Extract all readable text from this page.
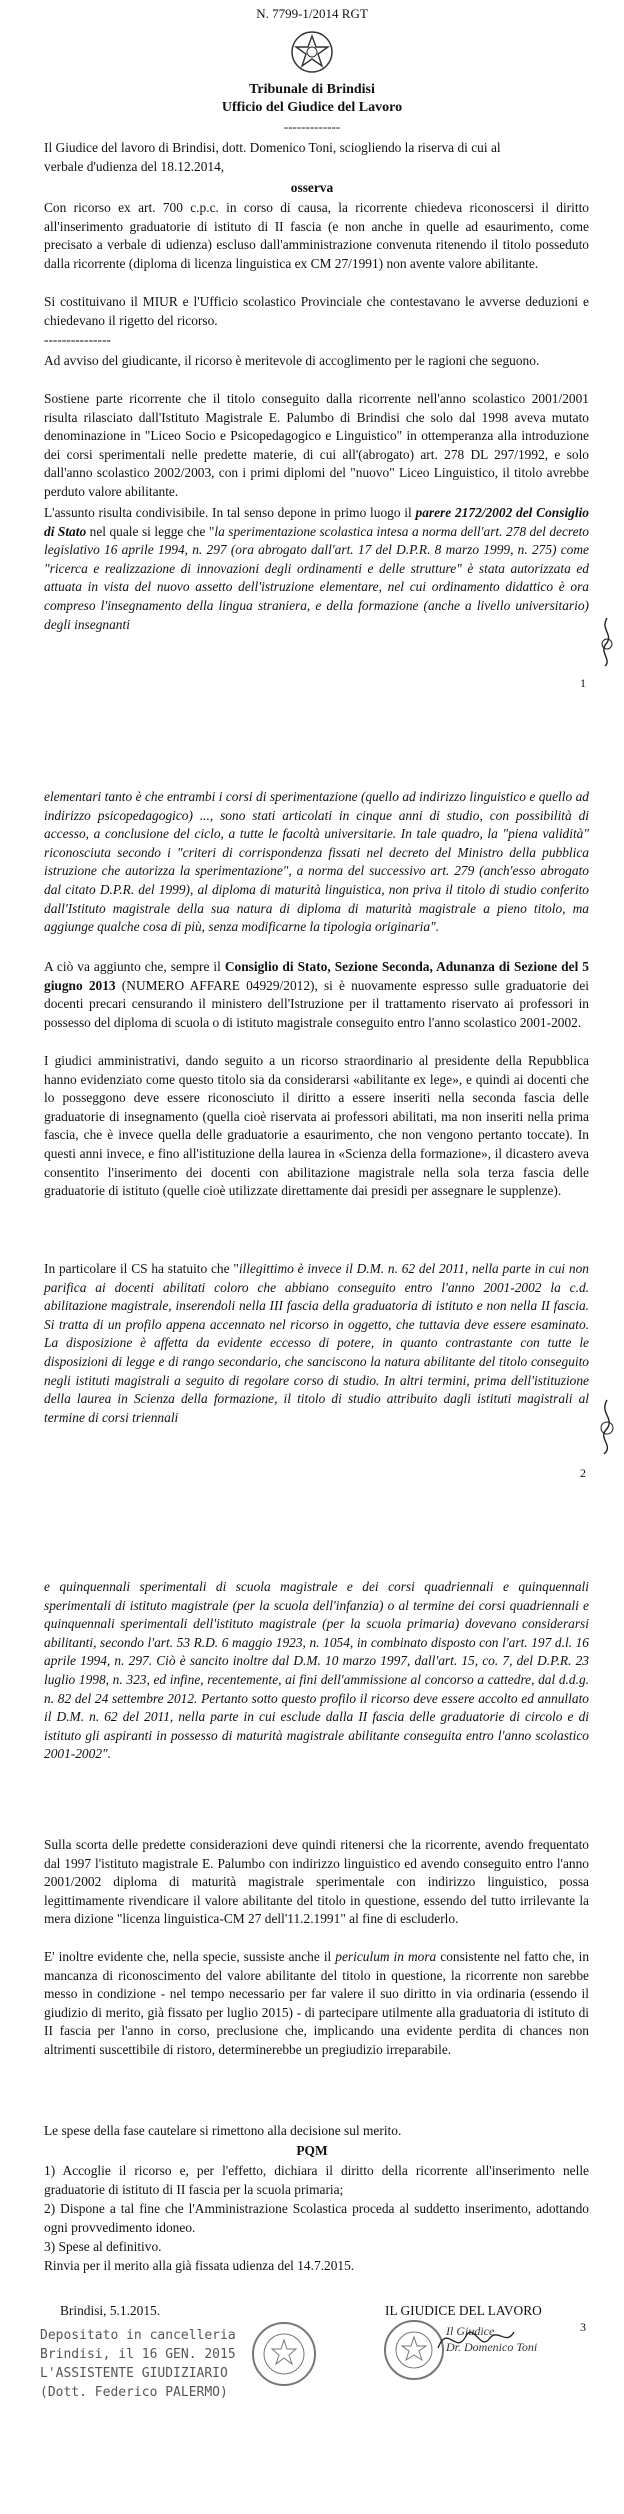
N. 7799-1/2014 RGT
Tribunale di Brindisi
Ufficio del Giudice del Lavoro
-------------
Il Giudice del lavoro di Brindisi, dott. Domenico Toni, sciogliendo la riserva di cui al
verbale d'udienza del 18.12.2014,
osserva
Con ricorso ex art. 700 c.p.c. in corso di causa, la ricorrente chiedeva riconoscersi il diritto all'inserimento graduatorie di istituto di II fascia (e non anche in quelle ad esaurimento, come precisato a verbale di udienza) escluso dall'amministrazione convenuta ritenendo il titolo posseduto dalla ricorrente (diploma di licenza linguistica ex CM 27/1991) non avente valore abilitante.
Si costituivano il MIUR e l'Ufficio scolastico Provinciale che contestavano le avverse deduzioni e chiedevano il rigetto del ricorso.
---------------
Ad avviso del giudicante, il ricorso è meritevole di accoglimento per le ragioni che seguono.
Sostiene parte ricorrente che il titolo conseguito dalla ricorrente nell'anno scolastico 2001/2001 risulta rilasciato dall'Istituto Magistrale E. Palumbo di Brindisi che solo dal 1998 aveva mutato denominazione in "Liceo Socio e Psicopedagogico e Linguistico" in ottemperanza alla introduzione dei corsi sperimentali nelle predette materie, di cui all'(abrogato) art. 278 DL 297/1992, e solo dall'anno scolastico 2002/2003, con i primi diplomi del "nuovo" Liceo Linguistico, il titolo avrebbe perduto valore abilitante.
L'assunto risulta condivisibile. In tal senso depone in primo luogo il parere 2172/2002 del Consiglio di Stato nel quale si legge che "la sperimentazione scolastica intesa a norma dell'art. 278 del decreto legislativo 16 aprile 1994, n. 297 (ora abrogato dall'art. 17 del D.P.R. 8 marzo 1999, n. 275) come "ricerca e realizzazione di innovazioni degli ordinamenti e delle strutture" è stata autorizzata ed attuata in vista del nuovo assetto dell'istruzione elementare, nel cui ordinamento didattico è ora compreso l'insegnamento della lingua straniera, e della formazione (anche a livello universitario) degli insegnanti
1
elementari tanto è che entrambi i corsi di sperimentazione (quello ad indirizzo linguistico e quello ad indirizzo psicopedagogico) ..., sono stati articolati in cinque anni di studio, con possibilità di accesso, a conclusione del ciclo, a tutte le facoltà universitarie. In tale quadro, la "piena validità" riconosciuta secondo i "criteri di corrispondenza fissati nel decreto del Ministro della pubblica istruzione che autorizza la sperimentazione", a norma del successivo art. 279 (anch'esso abrogato dal citato D.P.R. del 1999), al diploma di maturità linguistica, non priva il titolo di studio conferito dall'Istituto magistrale della sua natura di diploma di maturità magistrale a pieno titolo, ma aggiunge qualche cosa di più, senza modificarne la tipologia originaria".
A ciò va aggiunto che, sempre il Consiglio di Stato, Sezione Seconda, Adunanza di Sezione del 5 giugno 2013 (NUMERO AFFARE 04929/2012), si è nuovamente espresso sulle graduatorie dei docenti precari censurando il ministero dell'Istruzione per il trattamento riservato ai professori in possesso del diploma di scuola o di istituto magistrale conseguito entro l'anno scolastico 2001-2002.
I giudici amministrativi, dando seguito a un ricorso straordinario al presidente della Repubblica hanno evidenziato come questo titolo sia da considerarsi «abilitante ex lege», e quindi ai docenti che lo posseggono deve essere riconosciuto il diritto a essere inseriti nella seconda fascia delle graduatorie di insegnamento (quella cioè riservata ai professori abilitati, ma non inseriti nella prima fascia, che è invece quella delle graduatorie a esaurimento, che non vengono pertanto toccate). In questi anni invece, e fino all'istituzione della laurea in «Scienza della formazione», il dicastero aveva consentito l'inserimento dei docenti con abilitazione magistrale nella sola terza fascia delle graduatorie di istituto (quelle cioè utilizzate direttamente dai presidi per assegnare le supplenze).
In particolare il CS ha statuito che "illegittimo è invece il D.M. n. 62 del 2011, nella parte in cui non parifica ai docenti abilitati coloro che abbiano conseguito entro l'anno 2001-2002 la c.d. abilitazione magistrale, inserendoli nella III fascia della graduatoria di istituto e non nella II fascia. Si tratta di un profilo appena accennato nel ricorso in oggetto, che tuttavia deve essere esaminato. La disposizione è affetta da evidente eccesso di potere, in quanto contrastante con tutte le disposizioni di legge e di rango secondario, che sanciscono la natura abilitante del titolo conseguito negli istituti magistrali a seguito di regolare corso di studio. In altri termini, prima dell'istituzione della laurea in Scienza della formazione, il titolo di studio attribuito dagli istituti magistrali al termine di corsi triennali
2
e quinquennali sperimentali di scuola magistrale e dei corsi quadriennali e quinquennali sperimentali di istituto magistrale (per la scuola dell'infanzia) o al termine dei corsi quadriennali e quinquennali sperimentali dell'istituto magistrale (per la scuola primaria) dovevano considerarsi abilitanti, secondo l'art. 53 R.D. 6 maggio 1923, n. 1054, in combinato disposto con l'art. 197 d.l. 16 aprile 1994, n. 297. Ciò è sancito inoltre dal D.M. 10 marzo 1997, dall'art. 15, co. 7, del D.P.R. 23 luglio 1998, n. 323, ed infine, recentemente, ai fini dell'ammissione al concorso a cattedre, dal d.d.g. n. 82 del 24 settembre 2012. Pertanto sotto questo profilo il ricorso deve essere accolto ed annullato il D.M. n. 62 del 2011, nella parte in cui esclude dalla II fascia delle graduatorie di circolo e di istituto gli aspiranti in possesso di maturità magistrale abilitante conseguita entro l'anno scolastico 2001-2002".
Sulla scorta delle predette considerazioni deve quindi ritenersi che la ricorrente, avendo frequentato dal 1997 l'istituto magistrale E. Palumbo con indirizzo linguistico ed avendo conseguito entro l'anno 2001/2002 diploma di maturità magistrale sperimentale con indirizzo linguistico, possa legittimamente rivendicare il valore abilitante del titolo in questione, essendo del tutto irrilevante la mera dizione "licenza linguistica-CM 27 dell'11.2.1991" al fine di escluderlo.
E' inoltre evidente che, nella specie, sussiste anche il periculum in mora consistente nel fatto che, in mancanza di riconoscimento del valore abilitante del titolo in questione, la ricorrente non sarebbe messo in condizione - nel tempo necessario per far valere il suo diritto in via ordinaria (essendo il giudizio di merito, già fissato per luglio 2015) - di partecipare utilmente alla graduatoria di istituto di II fascia per l'anno in corso, preclusione che, implicando una evidente perdita di chances non altrimenti suscettibile di ristoro, determinerebbe un pregiudizio irreparabile.
Le spese della fase cautelare si rimettono alla decisione sul merito.
PQM
1) Accoglie il ricorso e, per l'effetto, dichiara il diritto della ricorrente all'inserimento nelle graduatorie di istituto di II fascia per la scuola primaria;
2) Dispone a tal fine che l'Amministrazione Scolastica proceda al suddetto inserimento, adottando ogni provvedimento idoneo.
3) Spese al definitivo.
Rinvia per il merito alla già fissata udienza del 14.7.2015.
Brindisi, 5.1.2015.	IL GIUDICE DEL LAVORO
Depositato in cancelleria
Brindisi, il 16 GEN. 2015
L'ASSISTENTE GIUDIZIARIO
(Dott. Federico PALERMO)
Il Giudice
Dr. Domenico Toni
3
